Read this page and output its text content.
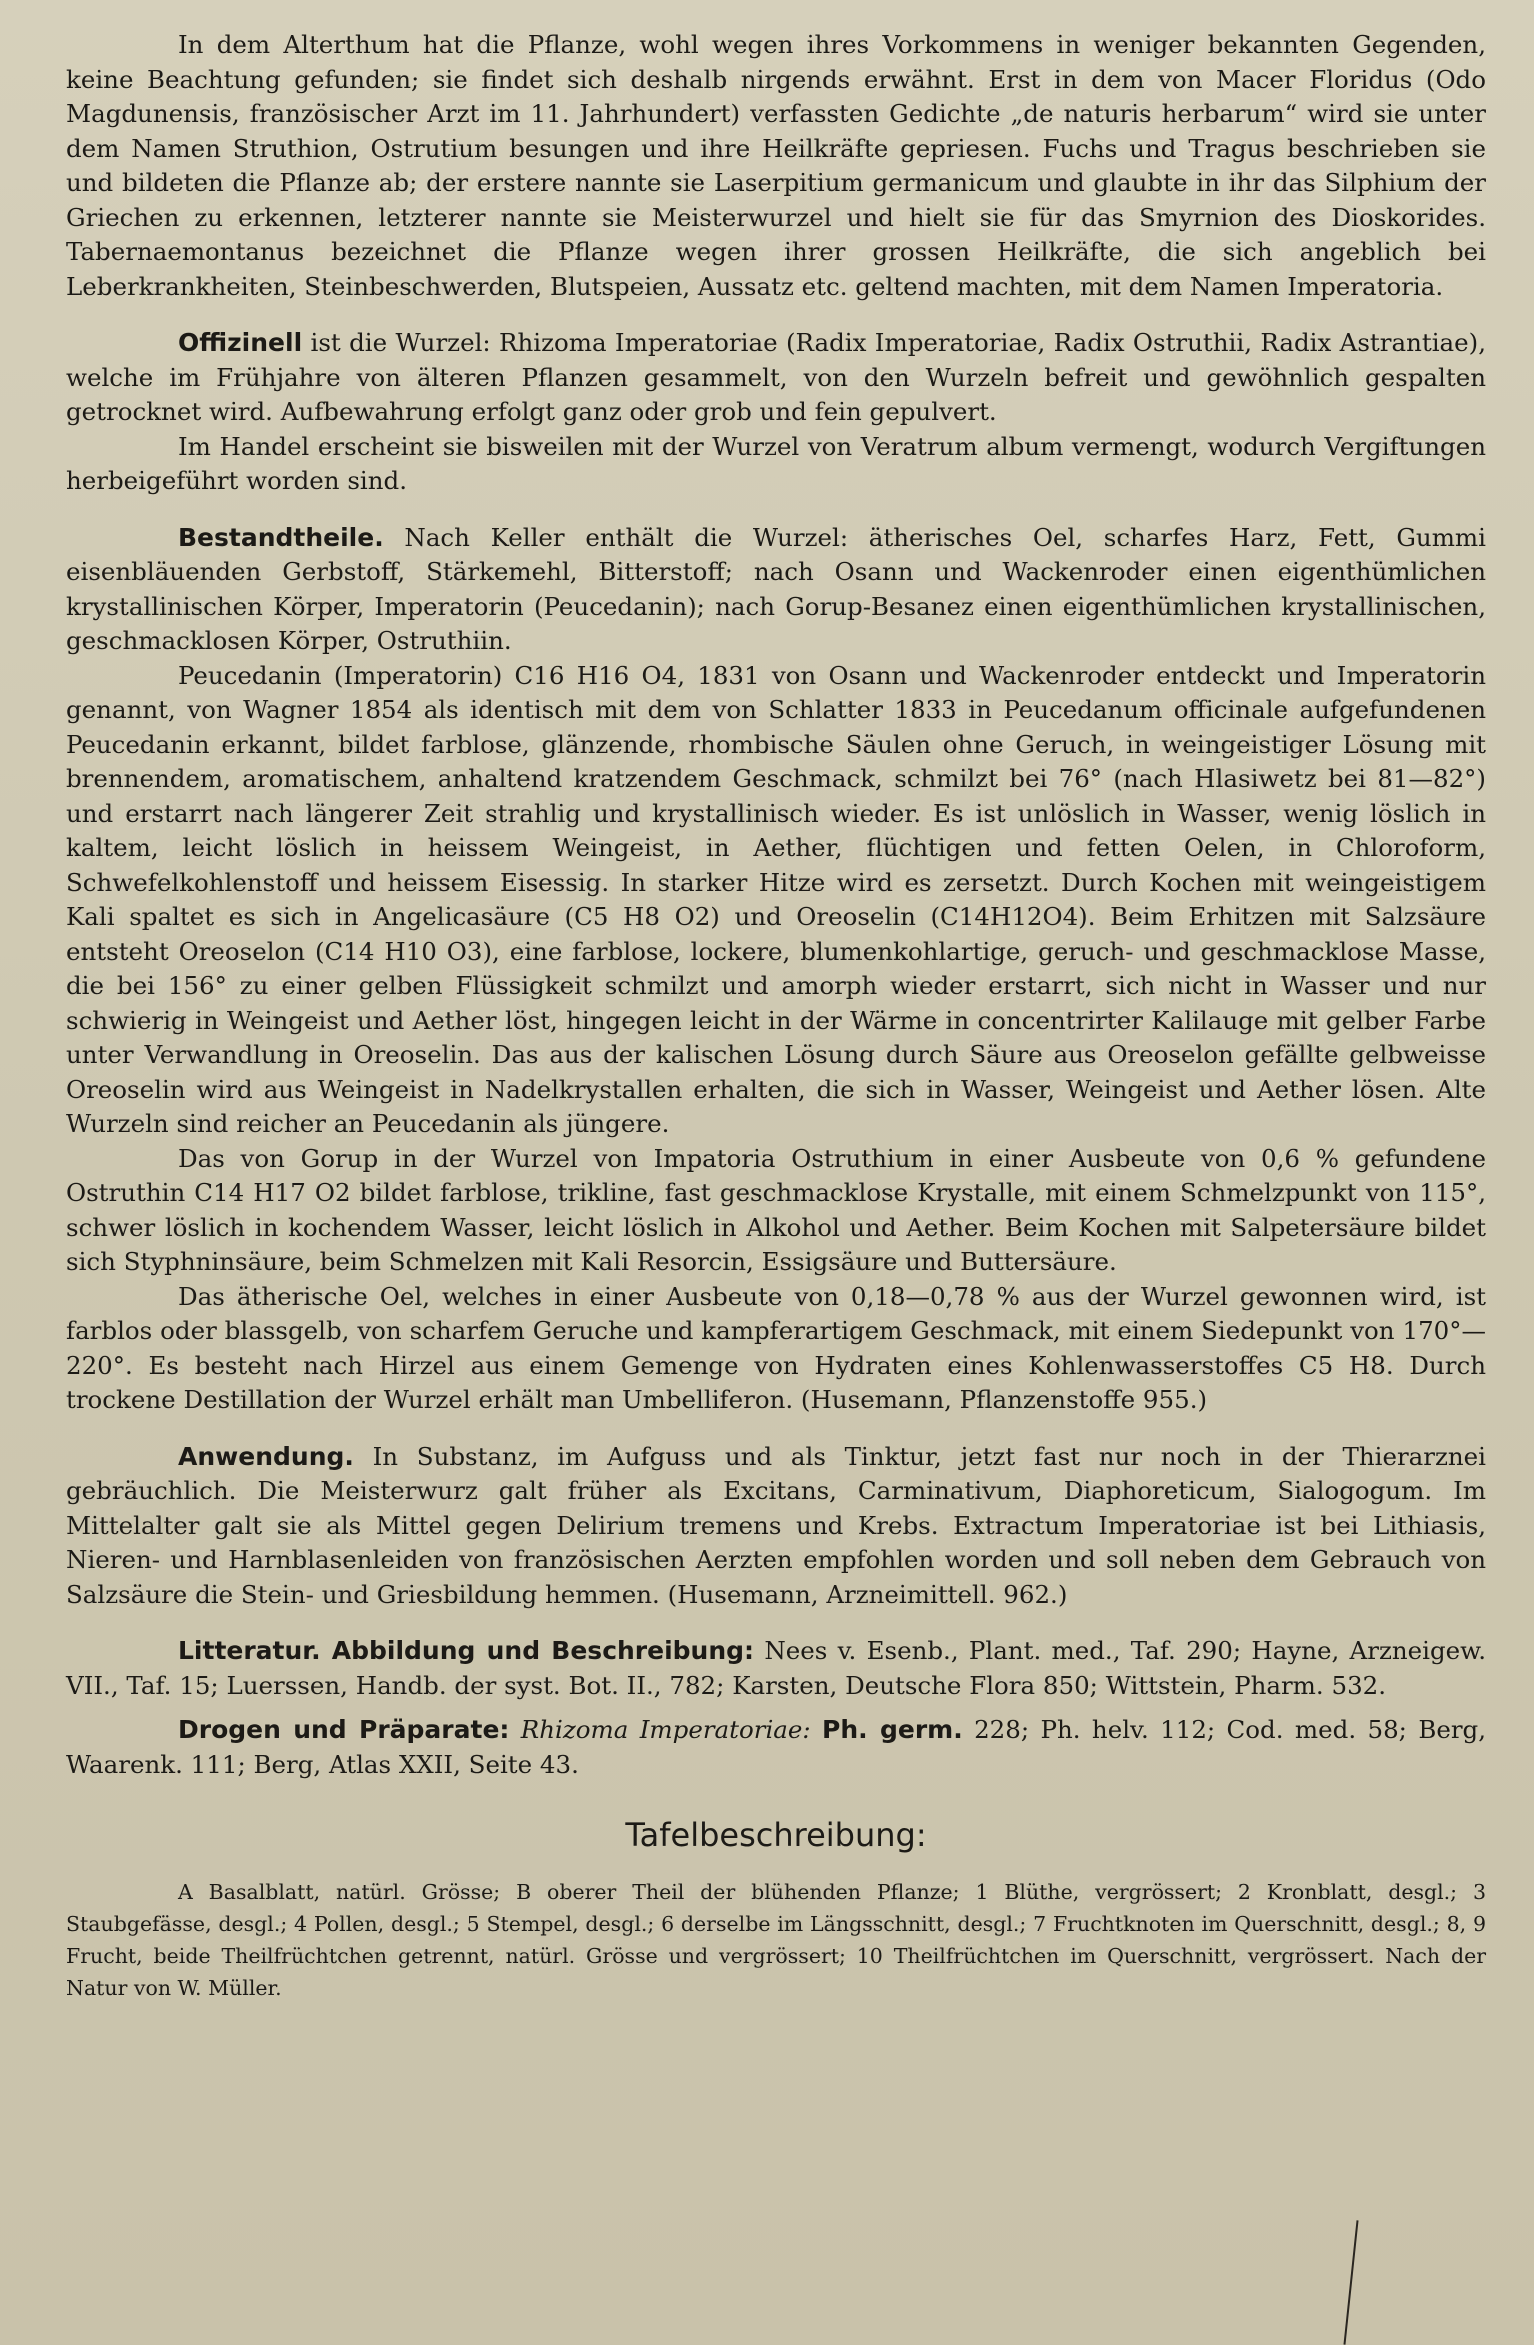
In dem Alterthum hat die Pflanze, wohl wegen ihres Vorkommens in weniger bekannten Gegenden, keine Beachtung gefunden; sie findet sich deshalb nirgends erwähnt. Erst in dem von Macer Floridus (Odo Magdunensis, französischer Arzt im 11. Jahrhundert) verfassten Gedichte „de naturis herbarum“ wird sie unter dem Namen Struthion, Ostrutium besungen und ihre Heilkräfte gepriesen. Fuchs und Tragus beschrieben sie und bildeten die Pflanze ab; der erstere nannte sie Laserpitium germanicum und glaubte in ihr das Silphium der Griechen zu erkennen, letzterer nannte sie Meisterwurzel und hielt sie für das Smyrnion des Dioskorides. Tabernaemontanus bezeichnet die Pflanze wegen ihrer grossen Heilkräfte, die sich angeblich bei Leberkrankheiten, Steinbeschwerden, Blutspeien, Aussatz etc. geltend machten, mit dem Namen Imperatoria.

Offizinell ist die Wurzel: Rhizoma Imperatoriae (Radix Imperatoriae, Radix Ostruthii, Radix Astrantiae), welche im Frühjahre von älteren Pflanzen gesammelt, von den Wurzeln befreit und gewöhnlich gespalten getrocknet wird. Aufbewahrung erfolgt ganz oder grob und fein gepulvert.

Im Handel erscheint sie bisweilen mit der Wurzel von Veratrum album vermengt, wodurch Vergiftungen herbeigeführt worden sind.

Bestandtheile. Nach Keller enthält die Wurzel: ätherisches Oel, scharfes Harz, Fett, Gummi eisenbläuenden Gerbstoff, Stärkemehl, Bitterstoff; nach Osann und Wackenroder einen eigenthümlichen krystallinischen Körper, Imperatorin (Peucedanin); nach Gorup-Besanez einen eigenthümlichen krystallinischen, geschmacklosen Körper, Ostruthiin.

Peucedanin (Imperatorin) C16 H16 O4, 1831 von Osann und Wackenroder entdeckt und Imperatorin genannt, von Wagner 1854 als identisch mit dem von Schlatter 1833 in Peucedanum officinale aufgefundenen Peucedanin erkannt, bildet farblose, glänzende, rhombische Säulen ohne Geruch, in weingeistiger Lösung mit brennendem, aromatischem, anhaltend kratzendem Geschmack, schmilzt bei 76° (nach Hlasiwetz bei 81—82°) und erstarrt nach längerer Zeit strahlig und krystallinisch wieder. Es ist unlöslich in Wasser, wenig löslich in kaltem, leicht löslich in heissem Weingeist, in Aether, flüchtigen und fetten Oelen, in Chloroform, Schwefelkohlenstoff und heissem Eisessig. In starker Hitze wird es zersetzt. Durch Kochen mit weingeistigem Kali spaltet es sich in Angelicasäure (C5 H8 O2) und Oreoselin (C14H12O4). Beim Erhitzen mit Salzsäure entsteht Oreoselon (C14 H10 O3), eine farblose, lockere, blumenkohlartige, geruch- und geschmacklose Masse, die bei 156° zu einer gelben Flüssigkeit schmilzt und amorph wieder erstarrt, sich nicht in Wasser und nur schwierig in Weingeist und Aether löst, hingegen leicht in der Wärme in concentrirter Kalilauge mit gelber Farbe unter Verwandlung in Oreoselin. Das aus der kalischen Lösung durch Säure aus Oreoselon gefällte gelbweisse Oreoselin wird aus Weingeist in Nadelkrystallen erhalten, die sich in Wasser, Weingeist und Aether lösen. Alte Wurzeln sind reicher an Peucedanin als jüngere.

Das von Gorup in der Wurzel von Impatoria Ostruthium in einer Ausbeute von 0,6 % gefundene Ostruthin C14 H17 O2 bildet farblose, trikline, fast geschmacklose Krystalle, mit einem Schmelzpunkt von 115°, schwer löslich in kochendem Wasser, leicht löslich in Alkohol und Aether. Beim Kochen mit Salpetersäure bildet sich Styphninsäure, beim Schmelzen mit Kali Resorcin, Essigsäure und Buttersäure.

Das ätherische Oel, welches in einer Ausbeute von 0,18—0,78 % aus der Wurzel gewonnen wird, ist farblos oder blassgelb, von scharfem Geruche und kampferartigem Geschmack, mit einem Siedepunkt von 170°—220°. Es besteht nach Hirzel aus einem Gemenge von Hydraten eines Kohlenwasserstoffes C5 H8. Durch trockene Destillation der Wurzel erhält man Umbelliferon. (Husemann, Pflanzenstoffe 955.)

Anwendung. In Substanz, im Aufguss und als Tinktur, jetzt fast nur noch in der Thierarznei gebräuchlich. Die Meisterwurz galt früher als Excitans, Carminativum, Diaphoreticum, Sialogogum. Im Mittelalter galt sie als Mittel gegen Delirium tremens und Krebs. Extractum Imperatoriae ist bei Lithiasis, Nieren- und Harnblasenleiden von französischen Aerzten empfohlen worden und soll neben dem Gebrauch von Salzsäure die Stein- und Griesbildung hemmen. (Husemann, Arzneimittell. 962.)

Litteratur. Abbildung und Beschreibung: Nees v. Esenb., Plant. med., Taf. 290; Hayne, Arzneigew. VII., Taf. 15; Luerssen, Handb. der syst. Bot. II., 782; Karsten, Deutsche Flora 850; Wittstein, Pharm. 532.

Drogen und Präparate: Rhizoma Imperatoriae: Ph. germ. 228; Ph. helv. 112; Cod. med. 58; Berg, Waarenk. 111; Berg, Atlas XXII, Seite 43.

Tafelbeschreibung:

A Basalblatt, natürl. Grösse; B oberer Theil der blühenden Pflanze; 1 Blüthe, vergrössert; 2 Kronblatt, desgl.; 3 Staubgefässe, desgl.; 4 Pollen, desgl.; 5 Stempel, desgl.; 6 derselbe im Längsschnitt, desgl.; 7 Fruchtknoten im Querschnitt, desgl.; 8, 9 Frucht, beide Theilfrüchtchen getrennt, natürl. Grösse und vergrössert; 10 Theilfrüchtchen im Querschnitt, vergrössert. Nach der Natur von W. Müller.
